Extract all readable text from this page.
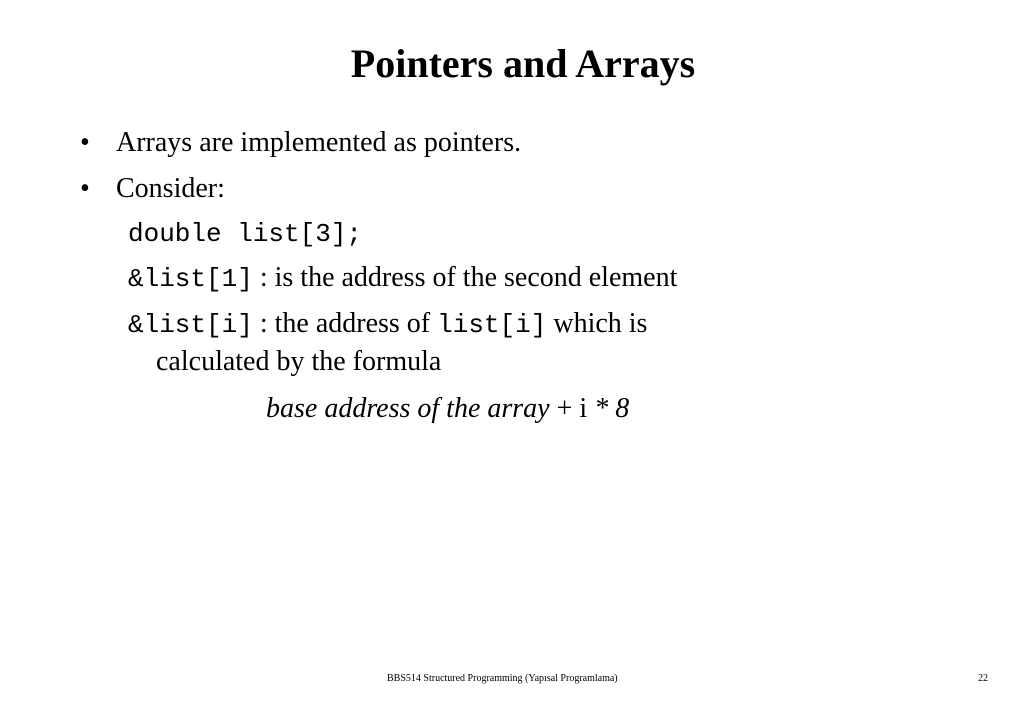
Pointers and Arrays
• Arrays are implemented as pointers.
• Consider:
double list[3];
&list[1] : is the address of the second element
&list[i] : the address of list[i] which is
calculated by the formula
base address of the array + i * 8
BBS514 Structured Programming (Yapısal Programlama)	22
